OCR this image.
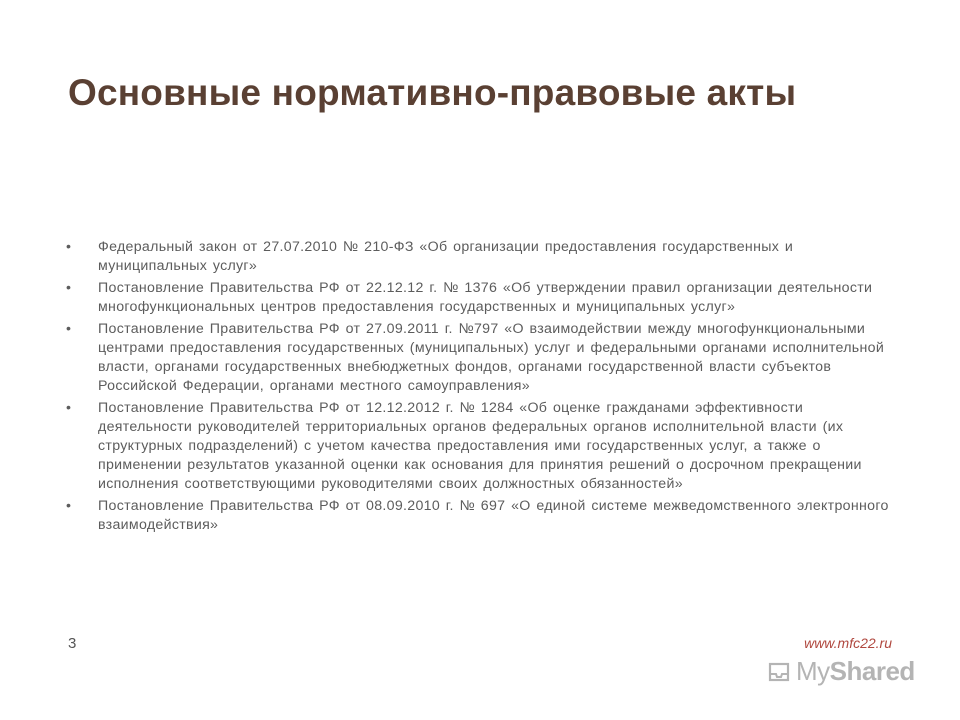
Основные нормативно-правовые акты
• Федеральный закон от 27.07.2010 № 210-ФЗ «Об организации предоставления государственных и муниципальных услуг»
• Постановление Правительства РФ от 22.12.12 г. № 1376 «Об утверждении правил организации деятельности многофункциональных центров предоставления государственных и муниципальных услуг»
• Постановление Правительства РФ от 27.09.2011 г. №797 «О взаимодействии между многофункциональными центрами предоставления государственных (муниципальных) услуг и федеральными органами исполнительной власти, органами государственных внебюджетных фондов, органами государственной власти субъектов Российской Федерации, органами местного самоуправления»
• Постановление Правительства РФ от 12.12.2012 г. № 1284 «Об оценке гражданами эффективности деятельности руководителей территориальных органов федеральных органов исполнительной власти (их структурных подразделений) с учетом качества предоставления ими государственных услуг, а также о применении результатов указанной оценки как основания для принятия решений о досрочном прекращении исполнения соответствующими руководителями своих должностных обязанностей»
• Постановление Правительства РФ от 08.09.2010 г. № 697 «О единой системе межведомственного электронного взаимодействия»
3	www.mfc22.ru
MyShared
